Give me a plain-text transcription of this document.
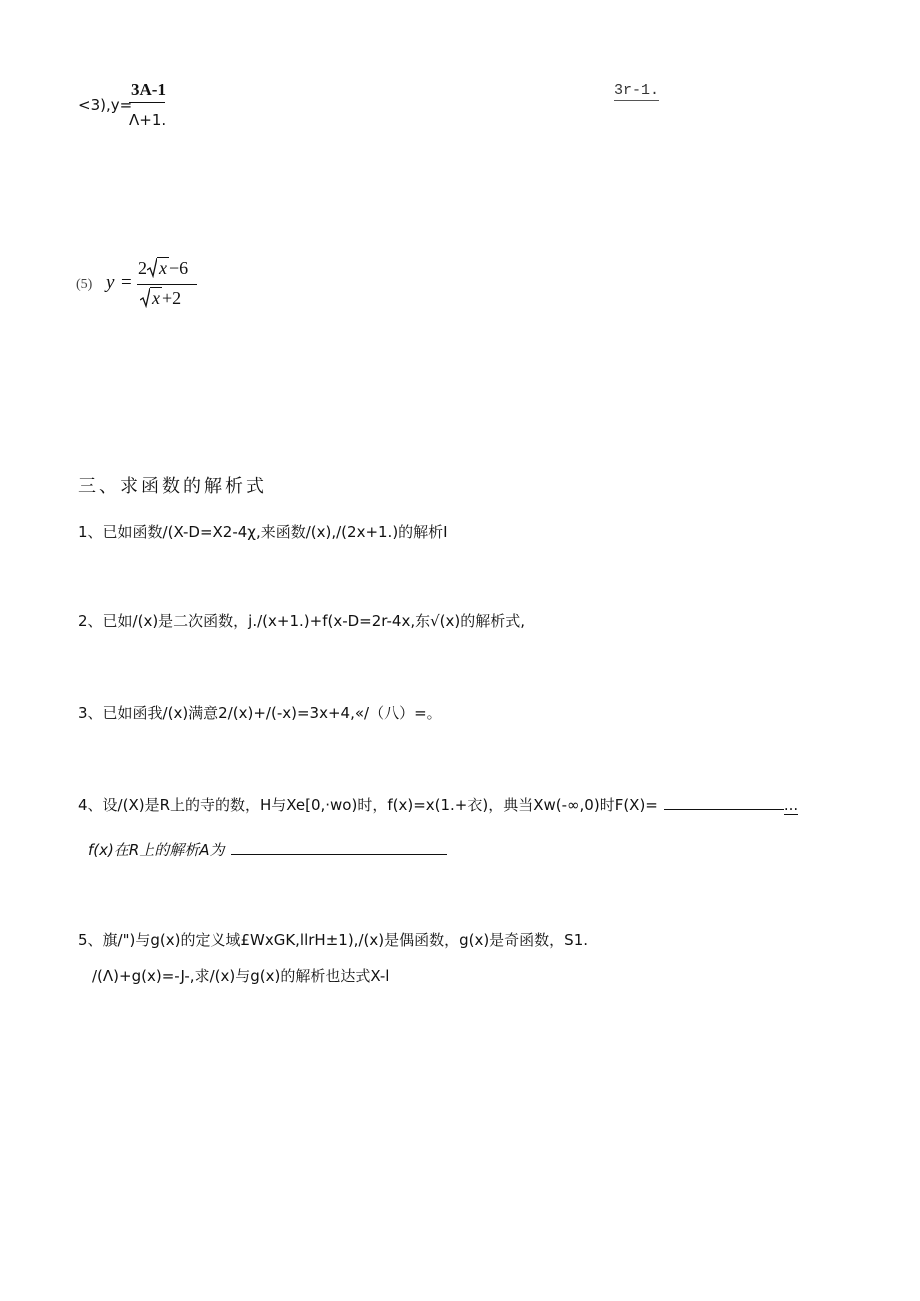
<3),y=
3A-1
Λ+1.
3r-1.
(5) y =
2 x −6
x +2
三、求函数的解析式
1、已如函数/(X-D=X2-4χ,来函数/(x),/(2x+1.)的解析I
2、已如/(x)是二次函数，j./(x+1.)+f(x-D=2r-4x,东√(x)的解析式,
3、已如函我/(x)满意2/(x)+/(-x)=3x+4,«/（八）=。
4、设/(X)是R上的寺的数，H与Xe[0,·wo)时，f(x)=x(1.+衣)，典当Xw(-∞,0)时F(X)=	...
f(x)在R上的解析A为
5、旗/")与g(x)的定义域£WxGK,llrH±1),/(x)是偶函数，g(x)是奇函数，S1.
/(Λ)+g(x)=-J-,求/(x)与g(x)的解析也达式X-l
